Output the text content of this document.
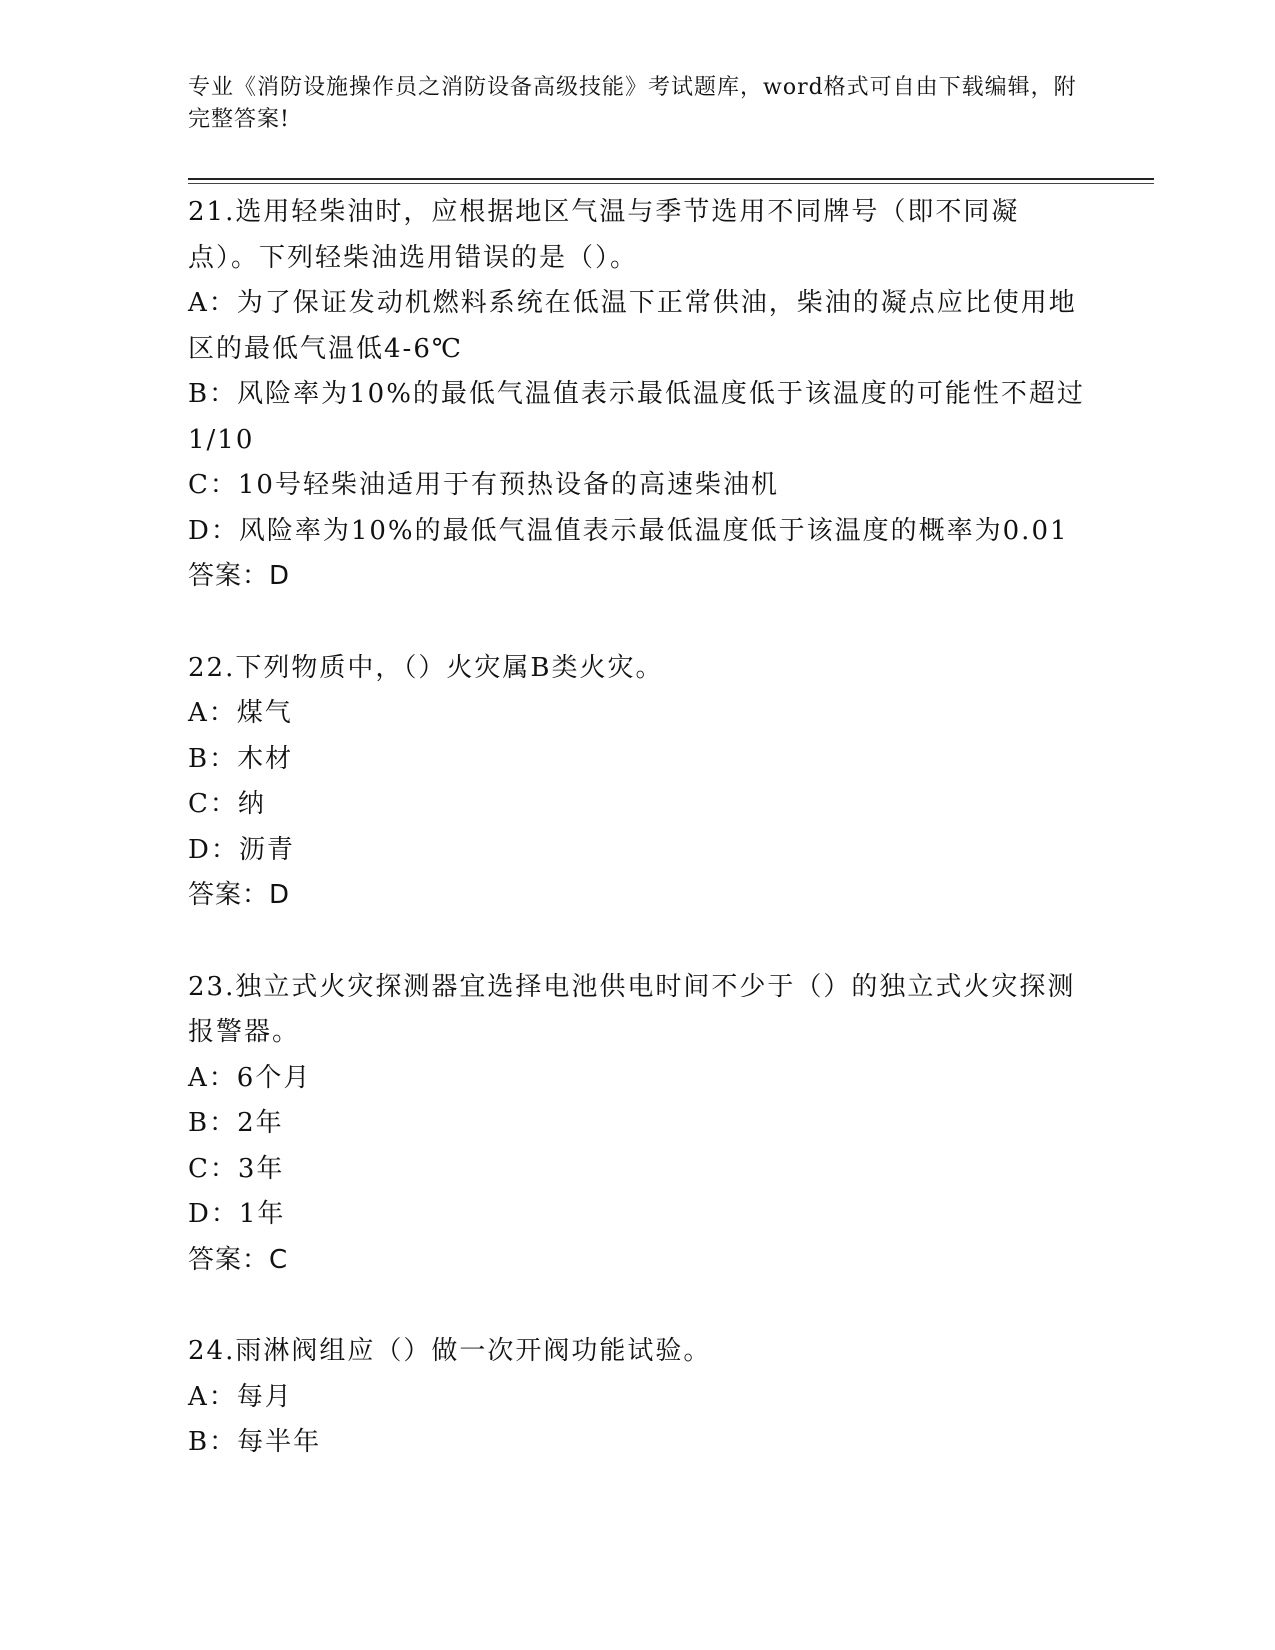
专业《消防设施操作员之消防设备高级技能》考试题库，word格式可自由下载编辑，附完整答案!
21.选用轻柴油时，应根据地区气温与季节选用不同牌号（即不同凝点）。下列轻柴油选用错误的是（）。
A：为了保证发动机燃料系统在低温下正常供油，柴油的凝点应比使用地区的最低气温低4-6℃
B：风险率为10%的最低气温值表示最低温度低于该温度的可能性不超过1/10
C：10号轻柴油适用于有预热设备的高速柴油机
D：风险率为10%的最低气温值表示最低温度低于该温度的概率为0.01
答案：D
22.下列物质中，（）火灾属B类火灾。
A：煤气
B：木材
C：纳
D：沥青
答案：D
23.独立式火灾探测器宜选择电池供电时间不少于（）的独立式火灾探测报警器。
A：6个月
B：2年
C：3年
D：1年
答案：C
24.雨淋阀组应（）做一次开阀功能试验。
A：每月
B：每半年
